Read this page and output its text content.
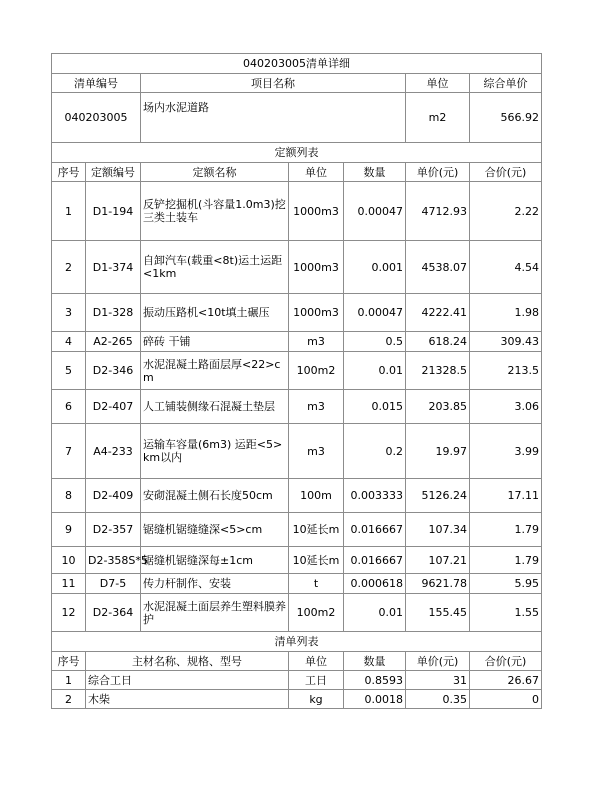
040203005清单详细						
清单编号		项目名称			单位	综合单价
040203005		场内水泥道路			m2	566.92
定额列表						
序号	定额编号	定额名称	单位	数量	单价(元)	合价(元)
1	D1-194	反铲挖掘机(斗容量1.0m3)挖三类土装车	1000m3	0.00047	4712.93	2.22
2	D1-374	自卸汽车(载重<8t)运土运距<1km	1000m3	0.001	4538.07	4.54
3	D1-328	振动压路机<10t填土碾压	1000m3	0.00047	4222.41	1.98
4	A2-265	碎砖 干铺	m3	0.5	618.24	309.43
5	D2-346	水泥混凝土路面层厚<22>cm	100m2	0.01	21328.5	213.5
6	D2-407	人工铺装侧缘石混凝土垫层	m3	0.015	203.85	3.06
7	A4-233	运输车容量(6m3) 运距<5>km以内	m3	0.2	19.97	3.99
8	D2-409	安砌混凝土侧石长度50cm	100m	0.003333	5126.24	17.11
9	D2-357	锯缝机锯缝缝深<5>cm	10延长m	0.016667	107.34	1.79
10	D2-358S*5	锯缝机锯缝深每±1cm	10延长m	0.016667	107.21	1.79
11	D7-5	传力杆制作、安装	t	0.000618	9621.78	5.95
12	D2-364	水泥混凝土面层养生塑料膜养护	100m2	0.01	155.45	1.55
清单列表						
序号	主材名称、规格、型号		单位	数量	单价(元)	合价(元)
1	综合工日		工日	0.8593	31	26.67
2	木柴		kg	0.0018	0.35	0
